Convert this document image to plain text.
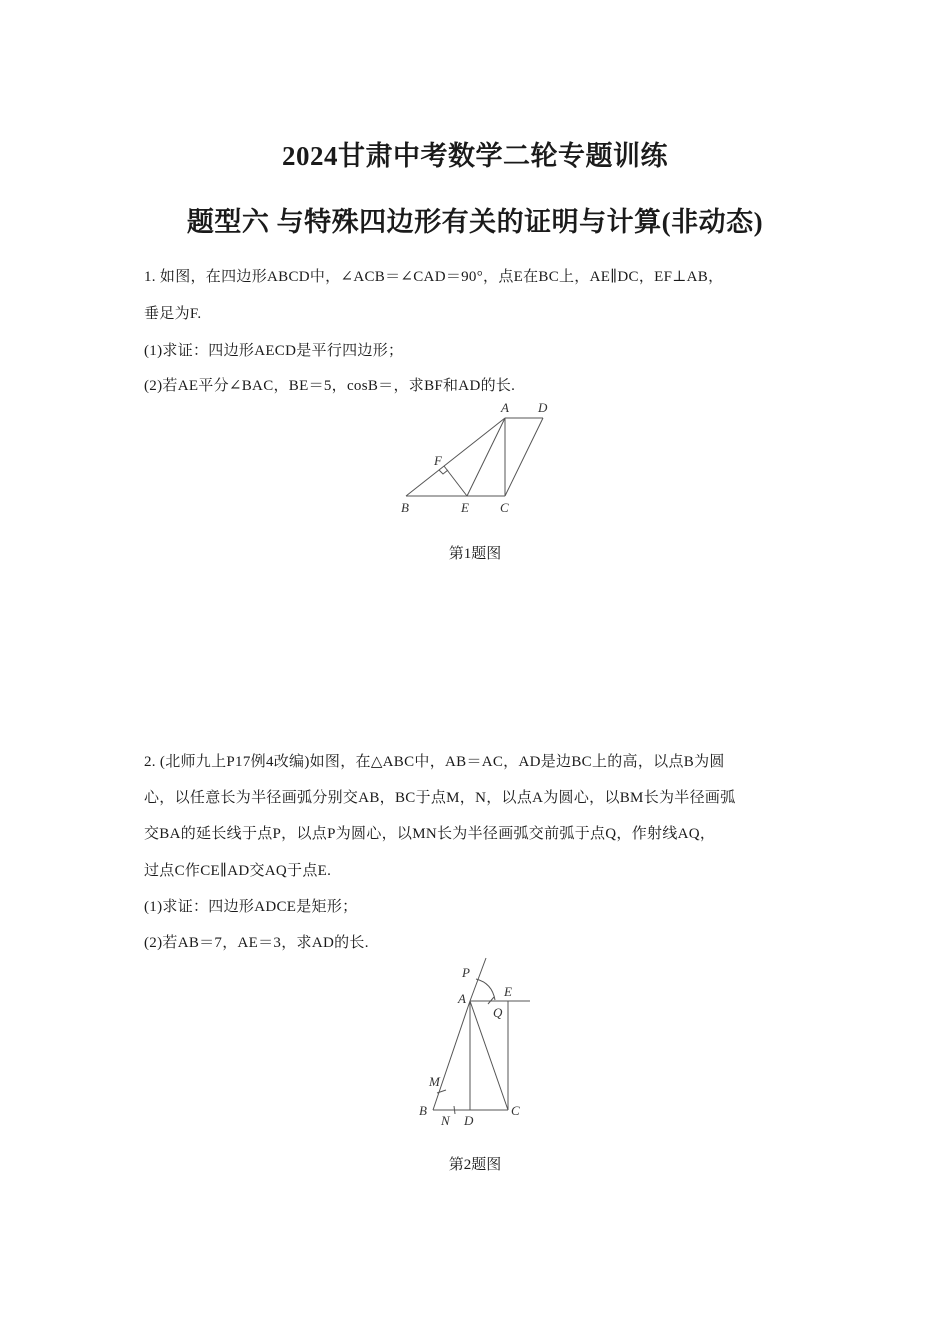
2024甘肃中考数学二轮专题训练
题型六 与特殊四边形有关的证明与计算(非动态)
1. 如图，在四边形ABCD中，∠ACB＝∠CAD＝90°，点E在BC上，AE∥DC，EF⊥AB，
垂足为F.
(1)求证：四边形AECD是平行四边形；
(2)若AE平分∠BAC，BE＝5，cosB＝，求BF和AD的长.
A D
F
B	E C
第1题图
2. (北师九上P17例4改编)如图，在△ABC中，AB＝AC，AD是边BC上的高，以点B为圆
心，以任意长为半径画弧分别交AB，BC于点M，N，以点A为圆心，以BM长为半径画弧
交BA的延长线于点P，以点P为圆心，以MN长为半径画弧交前弧于点Q，作射线AQ，
过点C作CE∥AD交AQ于点E.
(1)求证：四边形ADCE是矩形；
(2)若AB＝7，AE＝3，求AD的长.
P
A	E
Q
M
B
N D
C
第2题图
